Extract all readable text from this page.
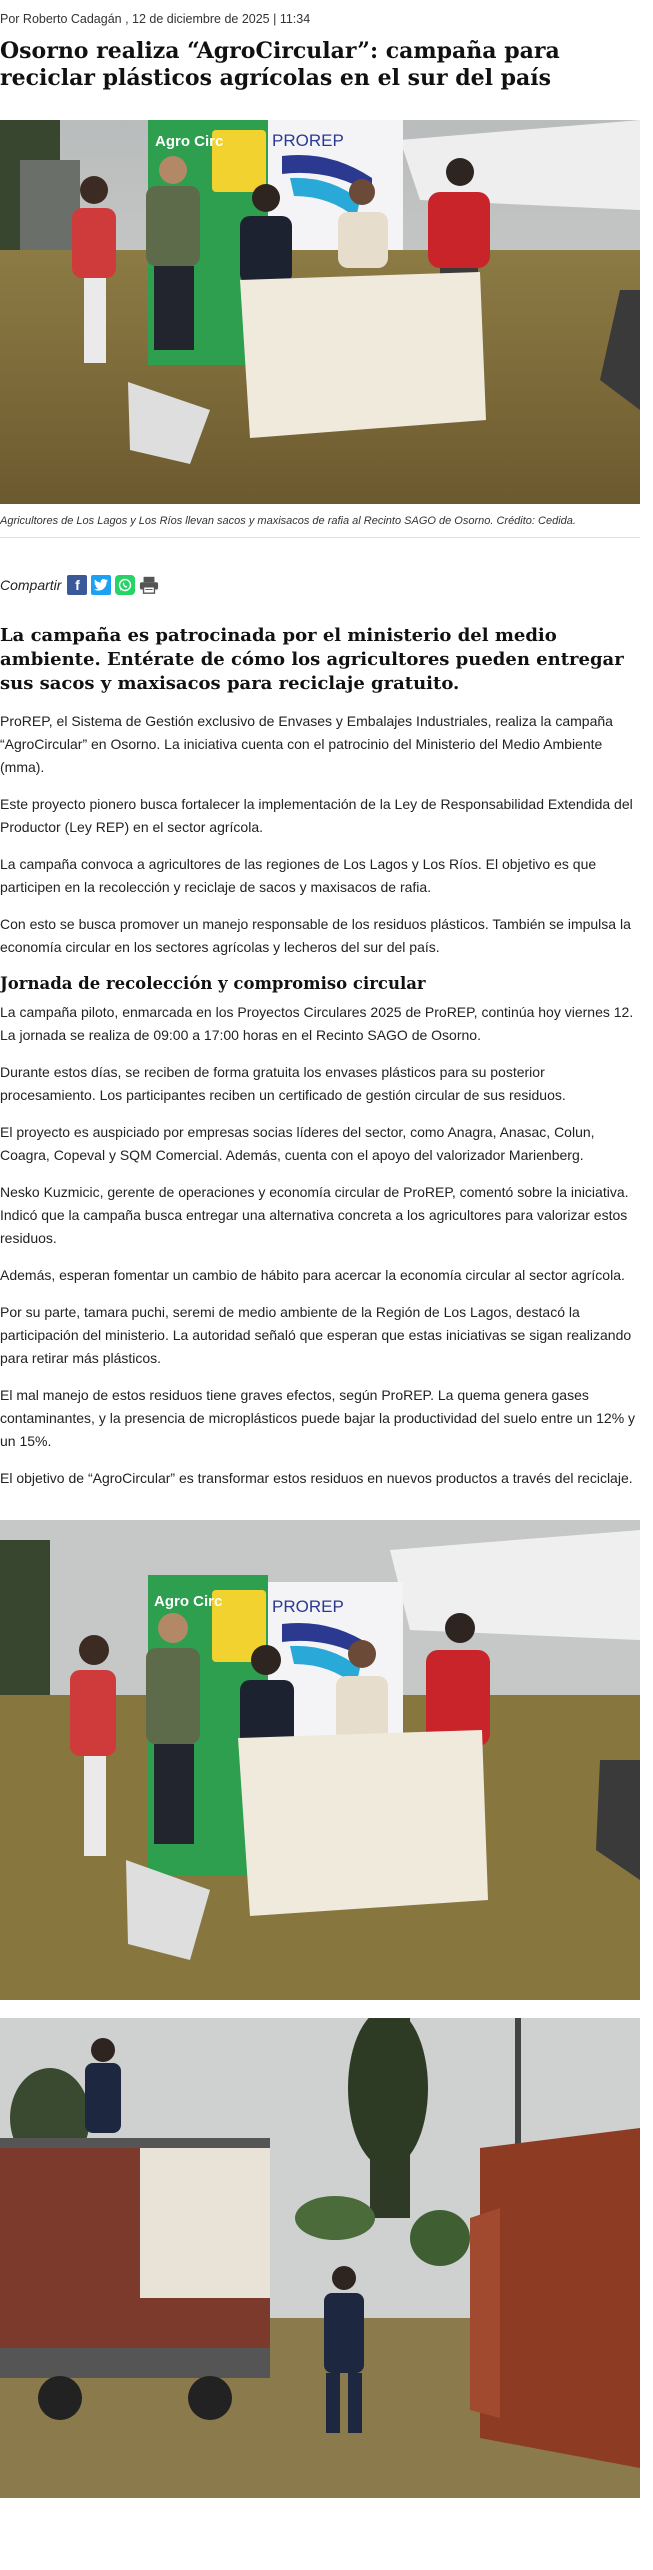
Por Roberto Cadagán , 12 de diciembre de 2025 | 11:34
Osorno realiza “AgroCircular”: campaña para reciclar plásticos agrícolas en el sur del país
Agro Circ	PROREP
Agricultores de Los Lagos y Los Ríos llevan sacos y maxisacos de rafia al Recinto SAGO de Osorno. Crédito: Cedida.
Compartir f
La campaña es patrocinada por el ministerio del medio ambiente. Entérate de cómo los agricultores pueden entregar sus sacos y maxisacos para reciclaje gratuito.

ProREP, el Sistema de Gestión exclusivo de Envases y Embalajes Industriales, realiza la campaña “AgroCircular” en Osorno. La iniciativa cuenta con el patrocinio del Ministerio del Medio Ambiente (mma).

Este proyecto pionero busca fortalecer la implementación de la Ley de Responsabilidad Extendida del Productor (Ley REP) en el sector agrícola.

La campaña convoca a agricultores de las regiones de Los Lagos y Los Ríos. El objetivo es que participen en la recolección y reciclaje de sacos y maxisacos de rafia.

Con esto se busca promover un manejo responsable de los residuos plásticos. También se impulsa la economía circular en los sectores agrícolas y lecheros del sur del país.

Jornada de recolección y compromiso circular

La campaña piloto, enmarcada en los Proyectos Circulares 2025 de ProREP, continúa hoy viernes 12. La jornada se realiza de 09:00 a 17:00 horas en el Recinto SAGO de Osorno.

Durante estos días, se reciben de forma gratuita los envases plásticos para su posterior procesamiento. Los participantes reciben un certificado de gestión circular de sus residuos.

El proyecto es auspiciado por empresas socias líderes del sector, como Anagra, Anasac, Colun, Coagra, Copeval y SQM Comercial. Además, cuenta con el apoyo del valorizador Marienberg.

Nesko Kuzmicic, gerente de operaciones y economía circular de ProREP, comentó sobre la iniciativa. Indicó que la campaña busca entregar una alternativa concreta a los agricultores para valorizar estos residuos.

Además, esperan fomentar un cambio de hábito para acercar la economía circular al sector agrícola.

Por su parte, tamara puchi, seremi de medio ambiente de la Región de Los Lagos, destacó la participación del ministerio. La autoridad señaló que esperan que estas iniciativas se sigan realizando para retirar más plásticos.

El mal manejo de estos residuos tiene graves efectos, según ProREP. La quema genera gases contaminantes, y la presencia de microplásticos puede bajar la productividad del suelo entre un 12% y un 15%.

El objetivo de “AgroCircular” es transformar estos residuos en nuevos productos a través del reciclaje.

Agro Circ	PROREP
